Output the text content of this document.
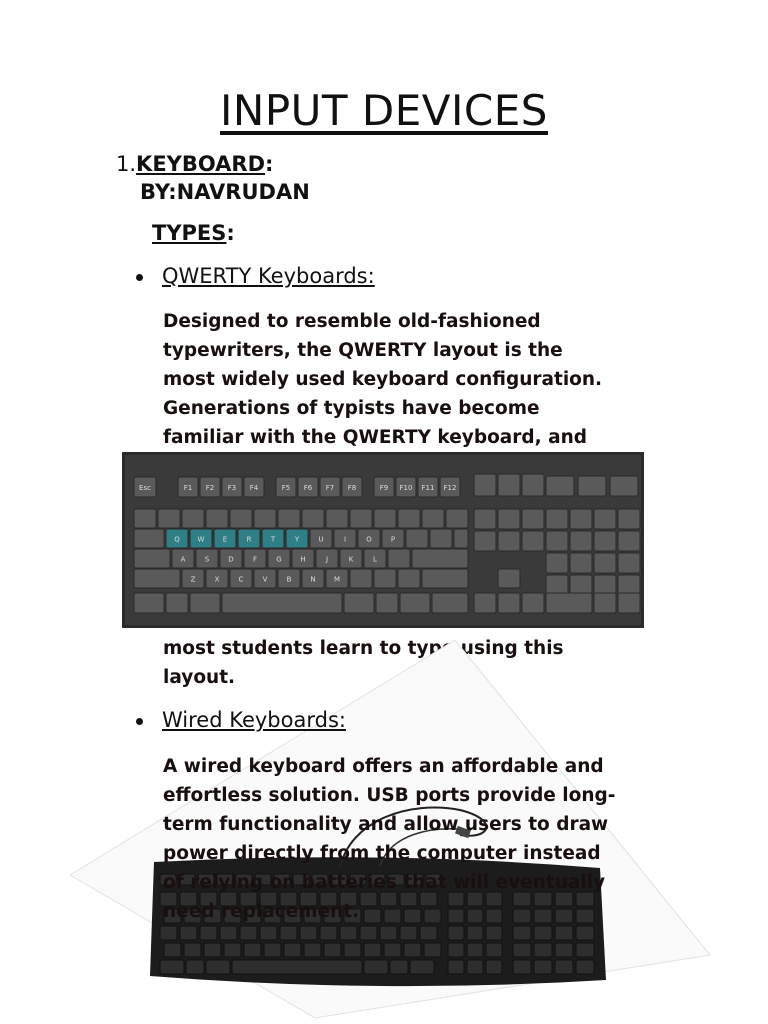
INPUT DEVICES
1.KEYBOARD:
BY:NAVRUDAN
TYPES:
QWERTY Keyboards:
Designed to resemble old-fashioned
typewriters, the QWERTY layout is the
most widely used keyboard configuration.
Generations of typists have become
familiar with the QWERTY keyboard, and
Esc	F1 F2 F3 F4	F5 F6 F7 F8	F9 F10 F11 F12
Q	W	E	R	T	Y	U	I	O	P
A	S	D	F	G	H	J	K	L
Z	X	C	V	B	N	M
most students learn to type using this
layout.
Wired Keyboards:
A wired keyboard offers an affordable and
effortless solution. USB ports provide long-
term functionality and allow users to draw
power directly from the computer instead
of relying on batteries that will eventually
need replacement.
